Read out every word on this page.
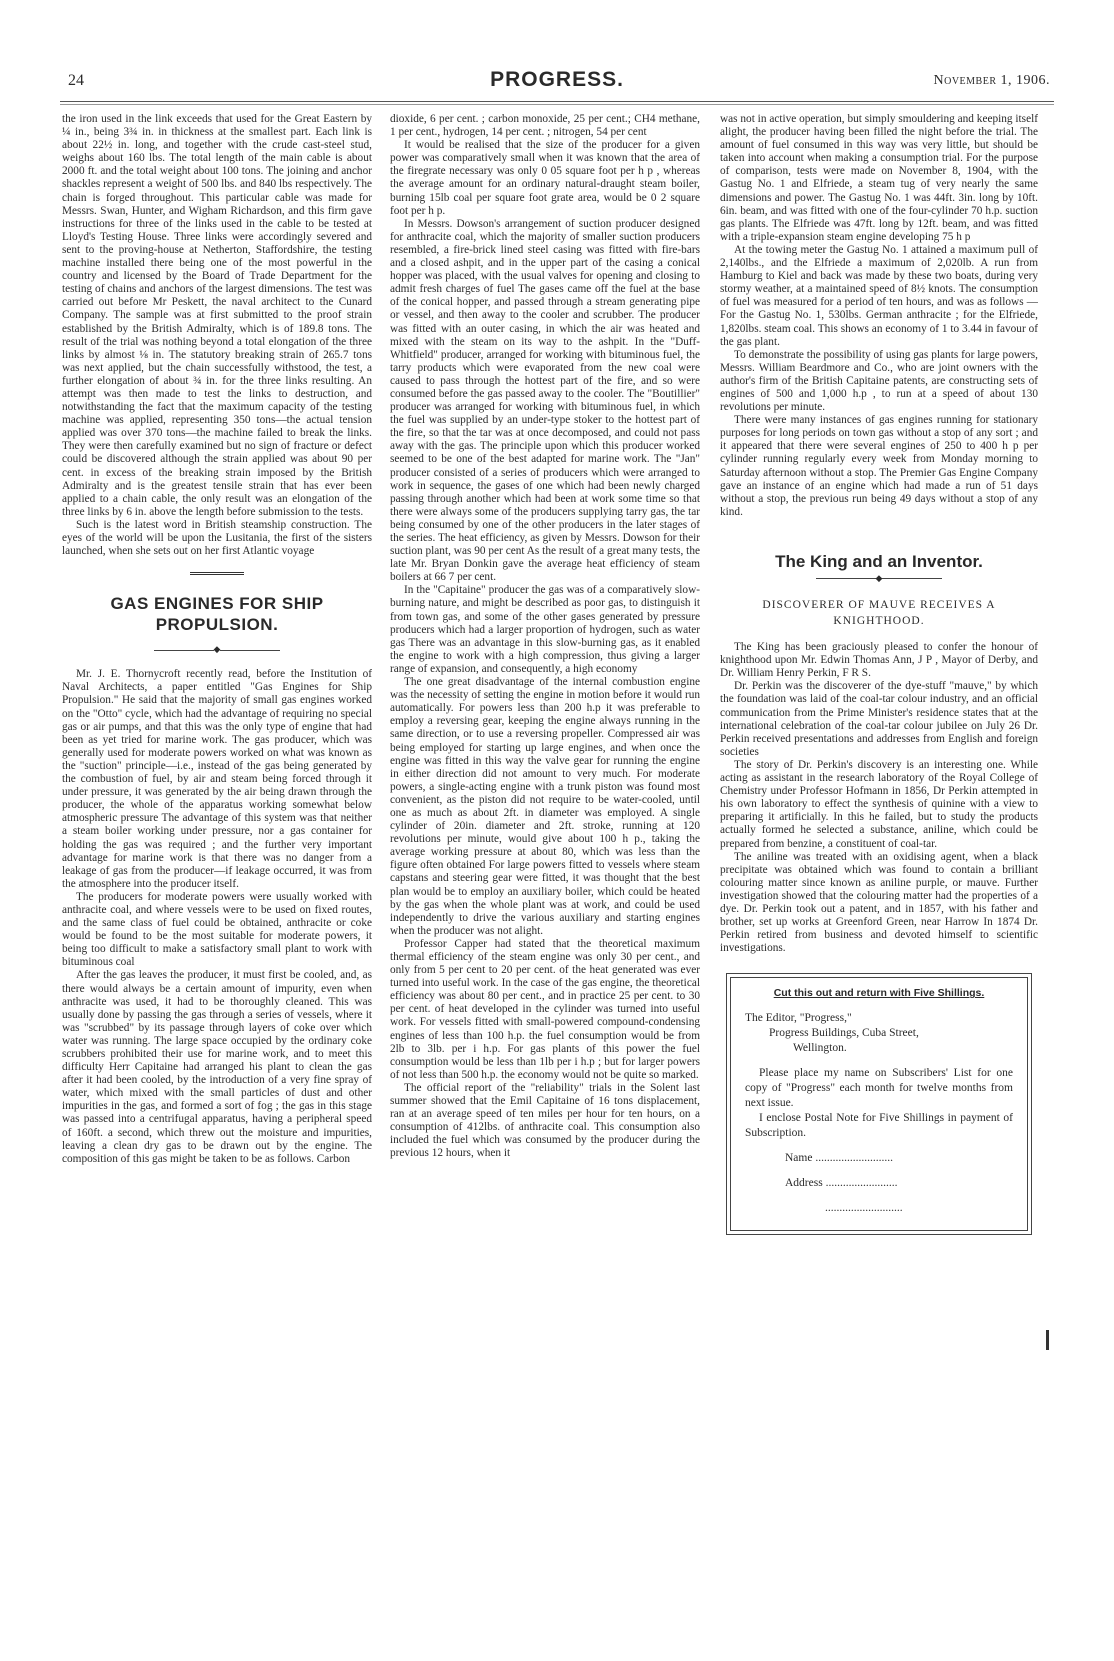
24	PROGRESS.	November 1, 1906.

the iron used in the link exceeds that used for the Great Eastern by ¼ in., being 3¾ in. in thickness at the smallest part. Each link is about 22½ in. long, and together with the crude cast-steel stud, weighs about 160 lbs. The total length of the main cable is about 2000 ft. and the total weight about 100 tons. The joining and anchor shackles represent a weight of 500 lbs. and 840 lbs respectively. The chain is forged throughout. This particular cable was made for Messrs. Swan, Hunter, and Wigham Richardson, and this firm gave instructions for three of the links used in the cable to be tested at Lloyd's Testing House. Three links were accordingly severed and sent to the proving-house at Netherton, Staffordshire, the testing machine installed there being one of the most powerful in the country and licensed by the Board of Trade Department for the testing of chains and anchors of the largest dimensions. The test was carried out before Mr Peskett, the naval architect to the Cunard Company. The sample was at first submitted to the proof strain established by the British Admiralty, which is of 189.8 tons. The result of the trial was nothing beyond a total elongation of the three links by almost ⅛ in. The statutory breaking strain of 265.7 tons was next applied, but the chain successfully withstood, the test, a further elongation of about ¾ in. for the three links resulting. An attempt was then made to test the links to destruction, and notwithstanding the fact that the maximum capacity of the testing machine was applied, representing 350 tons—the actual tension applied was over 370 tons—the machine failed to break the links. They were then carefully examined but no sign of fracture or defect could be discovered although the strain applied was about 90 per cent. in excess of the breaking strain imposed by the British Admiralty and is the greatest tensile strain that has ever been applied to a chain cable, the only result was an elongation of the three links by 6 in. above the length before submission to the tests.

Such is the latest word in British steamship construction. The eyes of the world will be upon the Lusitania, the first of the sisters launched, when she sets out on her first Atlantic voyage

GAS ENGINES FOR SHIP PROPULSION.
◆

Mr. J. E. Thornycroft recently read, before the Institution of Naval Architects, a paper entitled "Gas Engines for Ship Propulsion." He said that the majority of small gas engines worked on the "Otto" cycle, which had the advantage of requiring no special gas or air pumps, and that this was the only type of engine that had been as yet tried for marine work. The gas producer, which was generally used for moderate powers worked on what was known as the "suction" principle—i.e., instead of the gas being generated by the combustion of fuel, by air and steam being forced through it under pressure, it was generated by the air being drawn through the producer, the whole of the apparatus working somewhat below atmospheric pressure The advantage of this system was that neither a steam boiler working under pressure, nor a gas container for holding the gas was required ; and the further very important advantage for marine work is that there was no danger from a leakage of gas from the producer—if leakage occurred, it was from the atmosphere into the producer itself.

The producers for moderate powers were usually worked with anthracite coal, and where vessels were to be used on fixed routes, and the same class of fuel could be obtained, anthracite or coke would be found to be the most suitable for moderate powers, it being too difficult to make a satisfactory small plant to work with bituminous coal

After the gas leaves the producer, it must first be cooled, and, as there would always be a certain amount of impurity, even when anthracite was used, it had to be thoroughly cleaned. This was usually done by passing the gas through a series of vessels, where it was "scrubbed" by its passage through layers of coke over which water was running. The large space occupied by the ordinary coke scrubbers prohibited their use for marine work, and to meet this difficulty Herr Capitaine had arranged his plant to clean the gas after it had been cooled, by the introduction of a very fine spray of water, which mixed with the small particles of dust and other impurities in the gas, and formed a sort of fog ; the gas in this stage was passed into a centrifugal apparatus, having a peripheral speed of 160ft. a second, which threw out the moisture and impurities, leaving a clean dry gas to be drawn out by the engine. The composition of this gas might be taken to be as follows. Carbon

dioxide, 6 per cent. ; carbon monoxide, 25 per cent.; CH4 methane, 1 per cent., hydrogen, 14 per cent. ; nitrogen, 54 per cent

It would be realised that the size of the producer for a given power was comparatively small when it was known that the area of the firegrate necessary was only 0 05 square foot per h p , whereas the average amount for an ordinary natural-draught steam boiler, burning 15lb coal per square foot grate area, would be 0 2 square foot per h p.

In Messrs. Dowson's arrangement of suction producer designed for anthracite coal, which the majority of smaller suction producers resembled, a fire-brick lined steel casing was fitted with fire-bars and a closed ashpit, and in the upper part of the casing a conical hopper was placed, with the usual valves for opening and closing to admit fresh charges of fuel The gases came off the fuel at the base of the conical hopper, and passed through a stream generating pipe or vessel, and then away to the cooler and scrubber. The producer was fitted with an outer casing, in which the air was heated and mixed with the steam on its way to the ashpit. In the "Duff-Whitfield" producer, arranged for working with bituminous fuel, the tarry products which were evaporated from the new coal were caused to pass through the hottest part of the fire, and so were consumed before the gas passed away to the cooler. The "Boutillier" producer was arranged for working with bituminous fuel, in which the fuel was supplied by an under-type stoker to the hottest part of the fire, so that the tar was at once decomposed, and could not pass away with the gas. The principle upon which this producer worked seemed to be one of the best adapted for marine work. The "Jan" producer consisted of a series of producers which were arranged to work in sequence, the gases of one which had been newly charged passing through another which had been at work some time so that there were always some of the producers supplying tarry gas, the tar being consumed by one of the other producers in the later stages of the series. The heat efficiency, as given by Messrs. Dowson for their suction plant, was 90 per cent As the result of a great many tests, the late Mr. Bryan Donkin gave the average heat efficiency of steam boilers at 66 7 per cent.

In the "Capitaine" producer the gas was of a comparatively slow-burning nature, and might be described as poor gas, to distinguish it from town gas, and some of the other gases generated by pressure producers which had a larger proportion of hydrogen, such as water gas There was an advantage in this slow-burning gas, as it enabled the engine to work with a high compression, thus giving a larger range of expansion, and consequently, a high economy

The one great disadvantage of the internal combustion engine was the necessity of setting the engine in motion before it would run automatically. For powers less than 200 h.p it was preferable to employ a reversing gear, keeping the engine always running in the same direction, or to use a reversing propeller. Compressed air was being employed for starting up large engines, and when once the engine was fitted in this way the valve gear for running the engine in either direction did not amount to very much. For moderate powers, a single-acting engine with a trunk piston was found most convenient, as the piston did not require to be water-cooled, until one as much as about 2ft. in diameter was employed. A single cylinder of 20in. diameter and 2ft. stroke, running at 120 revolutions per minute, would give about 100 h p., taking the average working pressure at about 80, which was less than the figure often obtained For large powers fitted to vessels where steam capstans and steering gear were fitted, it was thought that the best plan would be to employ an auxiliary boiler, which could be heated by the gas when the whole plant was at work, and could be used independently to drive the various auxiliary and starting engines when the producer was not alight.

Professor Capper had stated that the theoretical maximum thermal efficiency of the steam engine was only 30 per cent., and only from 5 per cent to 20 per cent. of the heat generated was ever turned into useful work. In the case of the gas engine, the theoretical efficiency was about 80 per cent., and in practice 25 per cent. to 30 per cent. of heat developed in the cylinder was turned into useful work. For vessels fitted with small-powered compound-condensing engines of less than 100 h.p. the fuel consumption would be from 2lb to 3lb. per i h.p. For gas plants of this power the fuel consumption would be less than 1lb per i h.p ; but for larger powers of not less than 500 h.p. the economy would not be quite so marked.

The official report of the "reliability" trials in the Solent last summer showed that the Emil Capitaine of 16 tons displacement, ran at an average speed of ten miles per hour for ten hours, on a consumption of 412lbs. of anthracite coal. This consumption also included the fuel which was consumed by the producer during the previous 12 hours, when it

was not in active operation, but simply smouldering and keeping itself alight, the producer having been filled the night before the trial. The amount of fuel consumed in this way was very little, but should be taken into account when making a consumption trial. For the purpose of comparison, tests were made on November 8, 1904, with the Gastug No. 1 and Elfriede, a steam tug of very nearly the same dimensions and power. The Gastug No. 1 was 44ft. 3in. long by 10ft. 6in. beam, and was fitted with one of the four-cylinder 70 h.p. suction gas plants. The Elfriede was 47ft. long by 12ft. beam, and was fitted with a triple-expansion steam engine developing 75 h p

At the towing meter the Gastug No. 1 attained a maximum pull of 2,140lbs., and the Elfriede a maximum of 2,020lb. A run from Hamburg to Kiel and back was made by these two boats, during very stormy weather, at a maintained speed of 8½ knots. The consumption of fuel was measured for a period of ten hours, and was as follows —For the Gastug No. 1, 530lbs. German anthracite ; for the Elfriede, 1,820lbs. steam coal. This shows an economy of 1 to 3.44 in favour of the gas plant.

To demonstrate the possibility of using gas plants for large powers, Messrs. William Beardmore and Co., who are joint owners with the author's firm of the British Capitaine patents, are constructing sets of engines of 500 and 1,000 h.p , to run at a speed of about 130 revolutions per minute.

There were many instances of gas engines running for stationary purposes for long periods on town gas without a stop of any sort ; and it appeared that there were several engines of 250 to 400 h p per cylinder running regularly every week from Monday morning to Saturday afternoon without a stop. The Premier Gas Engine Company gave an instance of an engine which had made a run of 51 days without a stop, the previous run being 49 days without a stop of any kind.

The King and an Inventor.
◆
DISCOVERER OF MAUVE RECEIVES A KNIGHTHOOD.

The King has been graciously pleased to confer the honour of knighthood upon Mr. Edwin Thomas Ann, J P , Mayor of Derby, and Dr. William Henry Perkin, F R S.

Dr. Perkin was the discoverer of the dye-stuff "mauve," by which the foundation was laid of the coal-tar colour industry, and an official communication from the Prime Minister's residence states that at the international celebration of the coal-tar colour jubilee on July 26 Dr. Perkin received presentations and addresses from English and foreign societies

The story of Dr. Perkin's discovery is an interesting one. While acting as assistant in the research laboratory of the Royal College of Chemistry under Professor Hofmann in 1856, Dr Perkin attempted in his own laboratory to effect the synthesis of quinine with a view to preparing it artificially. In this he failed, but to study the products actually formed he selected a substance, aniline, which could be prepared from benzine, a constituent of coal-tar.

The aniline was treated with an oxidising agent, when a black precipitate was obtained which was found to contain a brilliant colouring matter since known as aniline purple, or mauve. Further investigation showed that the colouring matter had the properties of a dye. Dr. Perkin took out a patent, and in 1857, with his father and brother, set up works at Greenford Green, near Harrow In 1874 Dr. Perkin retired from business and devoted himself to scientific investigations.

Cut this out and return with Five Shillings.

The Editor, "Progress,"

Progress Buildings, Cuba Street,

Wellington.

Please place my name on Subscribers' List for one copy of "Progress" each month for twelve months from next issue.

I enclose Postal Note for Five Shillings in payment of Subscription.

Name ...........................
Address .........................
...........................
